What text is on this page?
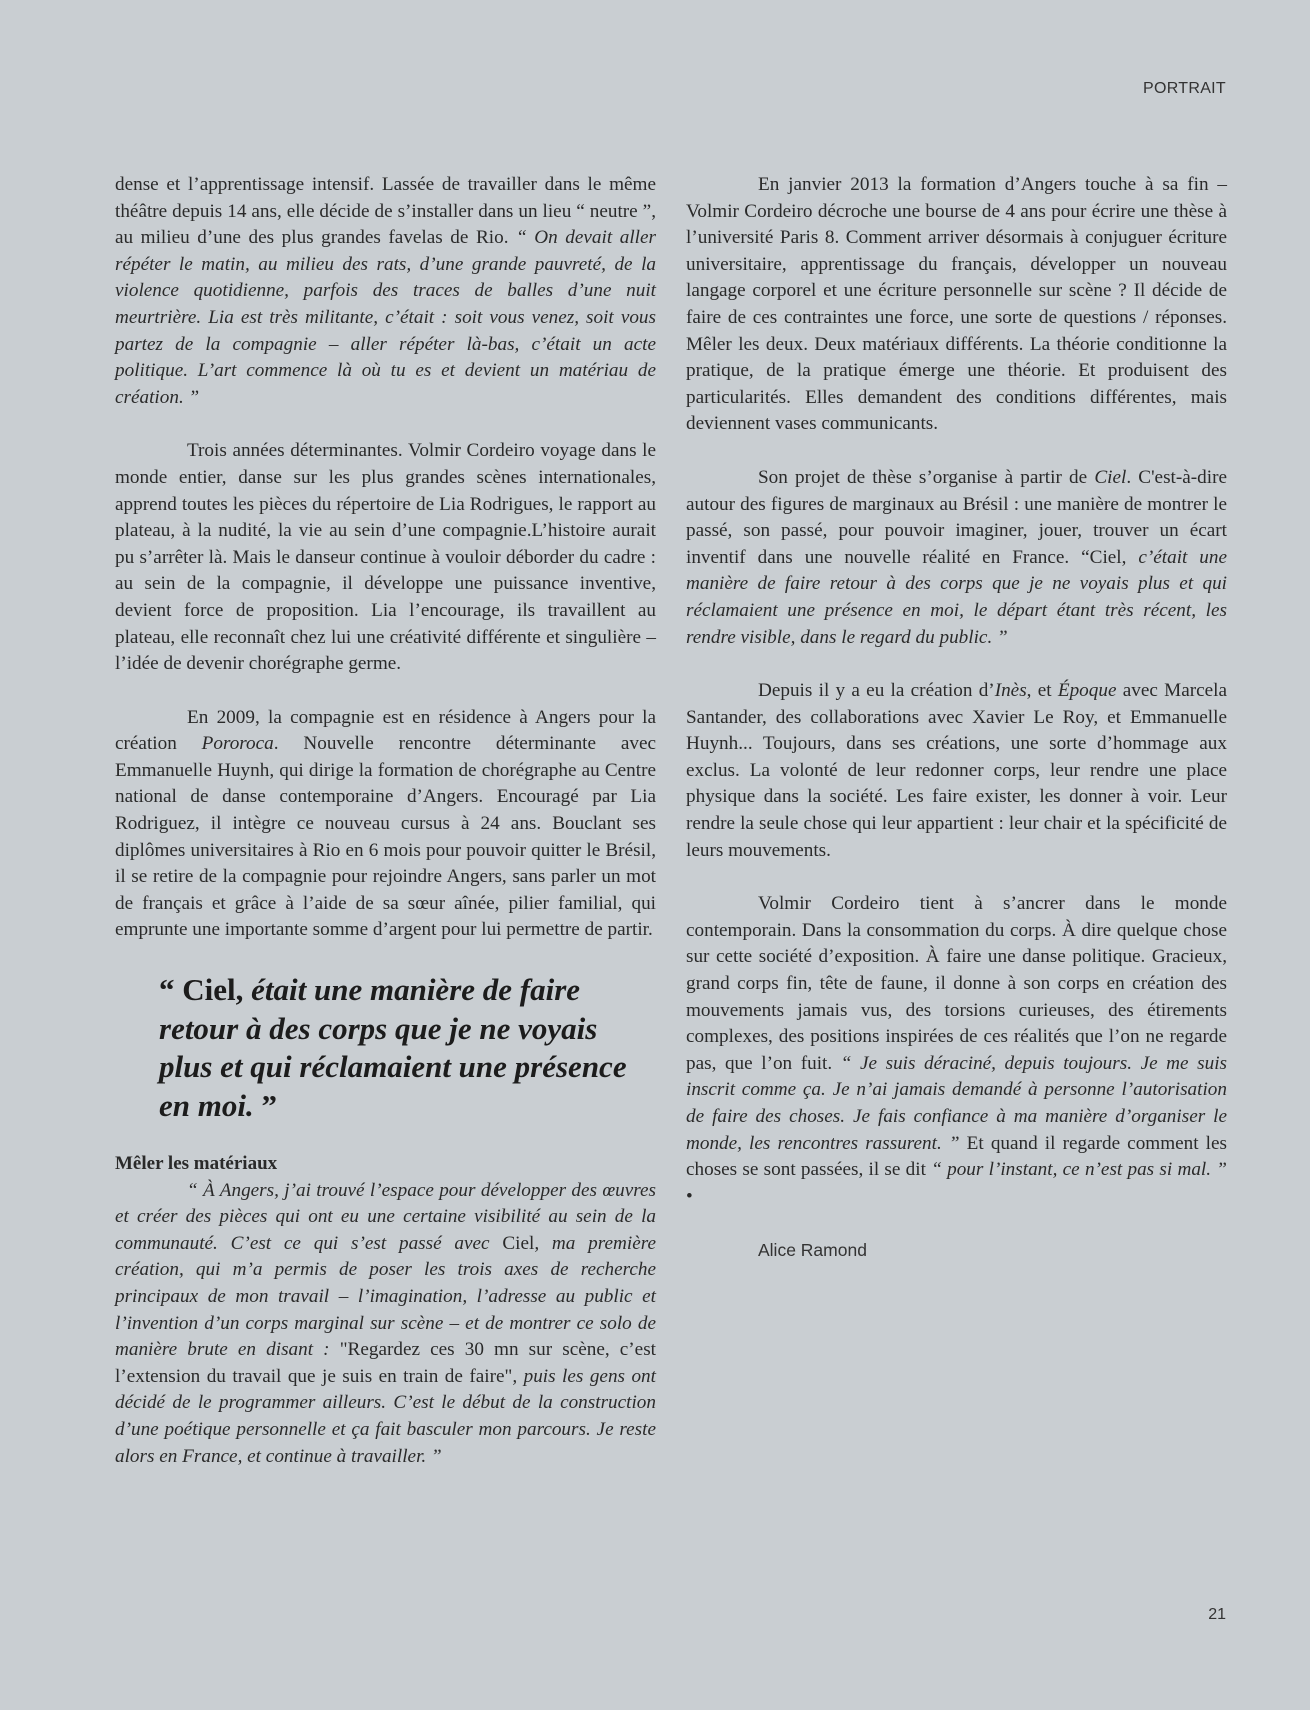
PORTRAIT

dense et l’apprentissage intensif. Lassée de travailler dans le même théâtre depuis 14 ans, elle décide de s’installer dans un lieu “ neutre ”, au milieu d’une des plus grandes favelas de Rio. “ On devait aller répéter le matin, au milieu des rats, d’une grande pauvreté, de la violence quotidienne, parfois des traces de balles d’une nuit meurtrière. Lia est très militante, c’était : soit vous venez, soit vous partez de la compagnie – aller répéter là-bas, c’était un acte politique. L’art commence là où tu es et devient un matériau de création. ”

Trois années déterminantes. Volmir Cordeiro voyage dans le monde entier, danse sur les plus grandes scènes internationales, apprend toutes les pièces du répertoire de Lia Rodrigues, le rapport au plateau, à la nudité, la vie au sein d’une compagnie.L’histoire aurait pu s’arrêter là. Mais le danseur continue à vouloir déborder du cadre : au sein de la compagnie, il développe une puissance inventive, devient force de proposition. Lia l’encourage, ils travaillent au plateau, elle reconnaît chez lui une créativité différente et singulière – l’idée de devenir chorégraphe germe.

En 2009, la compagnie est en résidence à Angers pour la création Pororoca. Nouvelle rencontre déterminante avec Emmanuelle Huynh, qui dirige la formation de chorégraphe au Centre national de danse contemporaine d’Angers. Encouragé par Lia Rodriguez, il intègre ce nouveau cursus à 24 ans. Bouclant ses diplômes universitaires à Rio en 6 mois pour pouvoir quitter le Brésil, il se retire de la compagnie pour rejoindre Angers, sans parler un mot de français et grâce à l’aide de sa sœur aînée, pilier familial, qui emprunte une importante somme d’argent pour lui permettre de partir.

“ Ciel, était une manière de faire retour à des corps que je ne voyais plus et qui réclamaient une présence en moi. ”
Mêler les matériaux

“ À Angers, j’ai trouvé l’espace pour développer des œuvres et créer des pièces qui ont eu une certaine visibilité au sein de la communauté. C’est ce qui s’est passé avec Ciel, ma première création, qui m’a permis de poser les trois axes de recherche principaux de mon travail – l’imagination, l’adresse au public et l’invention d’un corps marginal sur scène – et de montrer ce solo de manière brute en disant : "Regardez ces 30 mn sur scène, c’est l’extension du travail que je suis en train de faire", puis les gens ont décidé de le programmer ailleurs. C’est le début de la construction d’une poétique personnelle et ça fait basculer mon parcours. Je reste alors en France, et continue à travailler. ”

En janvier 2013 la formation d’Angers touche à sa fin – Volmir Cordeiro décroche une bourse de 4 ans pour écrire une thèse à l’université Paris 8. Comment arriver désormais à conjuguer écriture universitaire, apprentissage du français, développer un nouveau langage corporel et une écriture personnelle sur scène ? Il décide de faire de ces contraintes une force, une sorte de questions / réponses. Mêler les deux. Deux matériaux différents. La théorie conditionne la pratique, de la pratique émerge une théorie. Et produisent des particularités. Elles demandent des conditions différentes, mais deviennent vases communicants.

Son projet de thèse s’organise à partir de Ciel. C'est-à-dire autour des figures de marginaux au Brésil : une manière de montrer le passé, son passé, pour pouvoir imaginer, jouer, trouver un écart inventif dans une nouvelle réalité en France. “Ciel, c’était une manière de faire retour à des corps que je ne voyais plus et qui réclamaient une présence en moi, le départ étant très récent, les rendre visible, dans le regard du public. ”

Depuis il y a eu la création d’Inès, et Époque avec Marcela Santander, des collaborations avec Xavier Le Roy, et Emmanuelle Huynh... Toujours, dans ses créations, une sorte d’hommage aux exclus. La volonté de leur redonner corps, leur rendre une place physique dans la société. Les faire exister, les donner à voir. Leur rendre la seule chose qui leur appartient : leur chair et la spécificité de leurs mouvements.

Volmir Cordeiro tient à s’ancrer dans le monde contemporain. Dans la consommation du corps. À dire quelque chose sur cette société d’exposition. À faire une danse politique. Gracieux, grand corps fin, tête de faune, il donne à son corps en création des mouvements jamais vus, des torsions curieuses, des étirements complexes, des positions inspirées de ces réalités que l’on ne regarde pas, que l’on fuit. “ Je suis déraciné, depuis toujours. Je me suis inscrit comme ça. Je n’ai jamais demandé à personne l’autorisation de faire des choses. Je fais confiance à ma manière d’organiser le monde, les rencontres rassurent. ” Et quand il regarde comment les choses se sont passées, il se dit “ pour l’instant, ce n’est pas si mal. ” •

Alice Ramond
21
